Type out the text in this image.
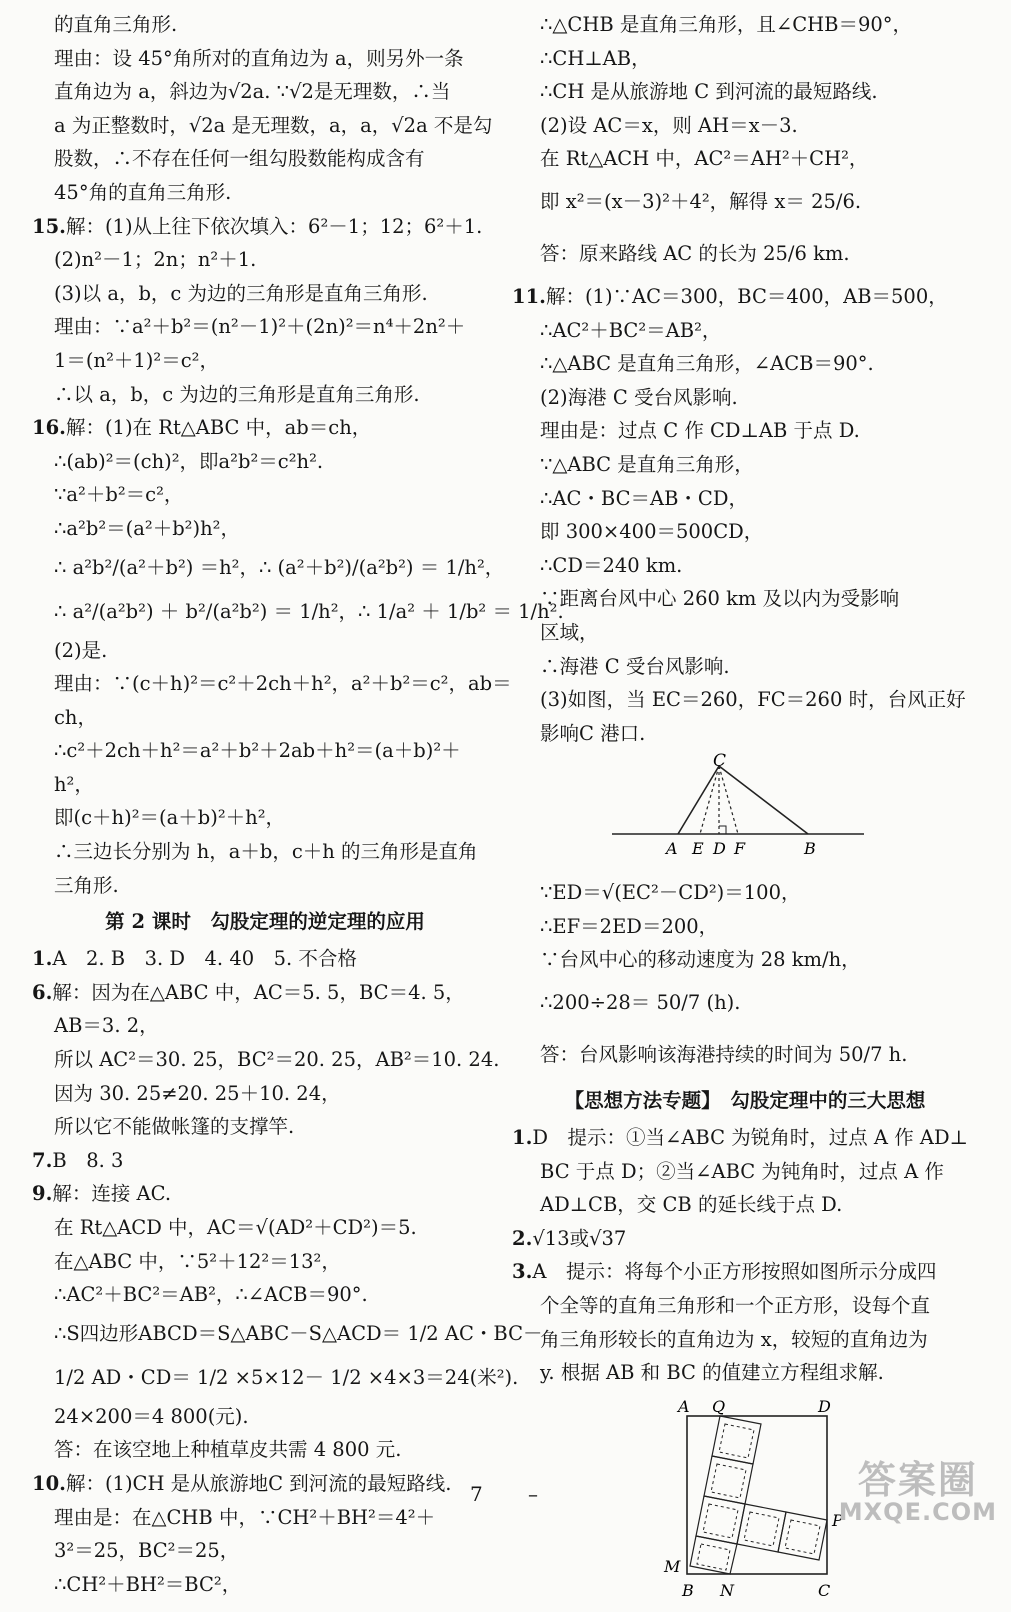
的直角三角形.
理由：设 45°角所对的直角边为 a，则另外一条
直角边为 a，斜边为√2a. ∵√2是无理数，∴当
a 为正整数时，√2a 是无理数，a，a，√2a 不是勾
股数，∴不存在任何一组勾股数能构成含有
45°角的直角三角形.
15.解：(1)从上往下依次填入：6²－1；12；6²＋1.
(2)n²－1；2n；n²＋1.
(3)以 a，b，c 为边的三角形是直角三角形.
理由：∵a²＋b²＝(n²－1)²＋(2n)²＝n⁴＋2n²＋
1＝(n²＋1)²＝c²，
∴以 a，b，c 为边的三角形是直角三角形.
16.解：(1)在 Rt△ABC 中，ab＝ch，
∴(ab)²＝(ch)²，即a²b²＝c²h².
∵a²＋b²＝c²，
∴a²b²＝(a²＋b²)h²，
∴ a²b²/(a²＋b²) ＝h²，∴ (a²＋b²)/(a²b²) ＝ 1/h²，
∴ a²/(a²b²) ＋ b²/(a²b²) ＝ 1/h²，∴ 1/a² ＋ 1/b² ＝ 1/h².
(2)是.
理由：∵(c＋h)²＝c²＋2ch＋h²，a²＋b²＝c²，ab＝
ch，
∴c²＋2ch＋h²＝a²＋b²＋2ab＋h²＝(a＋b)²＋
h²，
即(c＋h)²＝(a＋b)²＋h²，
∴三边长分别为 h，a＋b，c＋h 的三角形是直角
三角形.
第 2 课时　勾股定理的逆定理的应用
1.A　2. B　3. D　4. 40　5. 不合格
6.解：因为在△ABC 中，AC＝5. 5，BC＝4. 5，
AB＝3. 2，
所以 AC²＝30. 25，BC²＝20. 25，AB²＝10. 24.
因为 30. 25≠20. 25＋10. 24，
所以它不能做帐篷的支撑竿.
7.B　8. 3
9.解：连接 AC.
在 Rt△ACD 中，AC＝√(AD²＋CD²)＝5.
在△ABC 中，∵5²＋12²＝13²，
∴AC²＋BC²＝AB²，∴∠ACB＝90°.
∴S四边形ABCD＝S△ABC－S△ACD＝ 1/2 AC・BC－
1/2 AD・CD＝ 1/2 ×5×12－ 1/2 ×4×3＝24(米²).
24×200＝4 800(元).
答：在该空地上种植草皮共需 4 800 元.
10.解：(1)CH 是从旅游地C 到河流的最短路线.
理由是：在△CHB 中，∵CH²＋BH²＝4²＋
3²＝25，BC²＝25，
∴CH²＋BH²＝BC²，
∴△CHB 是直角三角形，且∠CHB＝90°，
∴CH⊥AB，
∴CH 是从旅游地 C 到河流的最短路线.
(2)设 AC＝x，则 AH＝x－3.
在 Rt△ACH 中，AC²＝AH²＋CH²，
即 x²＝(x－3)²＋4²，解得 x＝ 25/6.
答：原来路线 AC 的长为 25/6 km.
11.解：(1)∵AC＝300，BC＝400，AB＝500，
∴AC²＋BC²＝AB²，
∴△ABC 是直角三角形，∠ACB＝90°.
(2)海港 C 受台风影响.
理由是：过点 C 作 CD⊥AB 于点 D.
∵△ABC 是直角三角形，
∴AC・BC＝AB・CD，
即 300×400＝500CD，
∴CD＝240 km.
∵距离台风中心 260 km 及以内为受影响
区域，
∴海港 C 受台风影响.
(3)如图，当 EC＝260，FC＝260 时，台风正好
影响C 港口.
C
A E D F	B
∵ED＝√(EC²－CD²)＝100，
∴EF＝2ED＝200，
∵台风中心的移动速度为 28 km/h，
∴200÷28＝ 50/7 (h).
答：台风影响该海港持续的时间为 50/7 h.
【思想方法专题】　勾股定理中的三大思想
1.D　提示：①当∠ABC 为锐角时，过点 A 作 AD⊥
BC 于点 D；②当∠ABC 为钝角时，过点 A 作
AD⊥CB，交 CB 的延长线于点 D.
2.√13或√37
3.A　提示：将每个小正方形按照如图所示分成四
个全等的直角三角形和一个正方形，设每个直
角三角形较长的直角边为 x，较短的直角边为
y. 根据 AB 和 BC 的值建立方程组求解.
A Q	D
P
M
B N	C
7 –	答案圈
MXQE.COM
